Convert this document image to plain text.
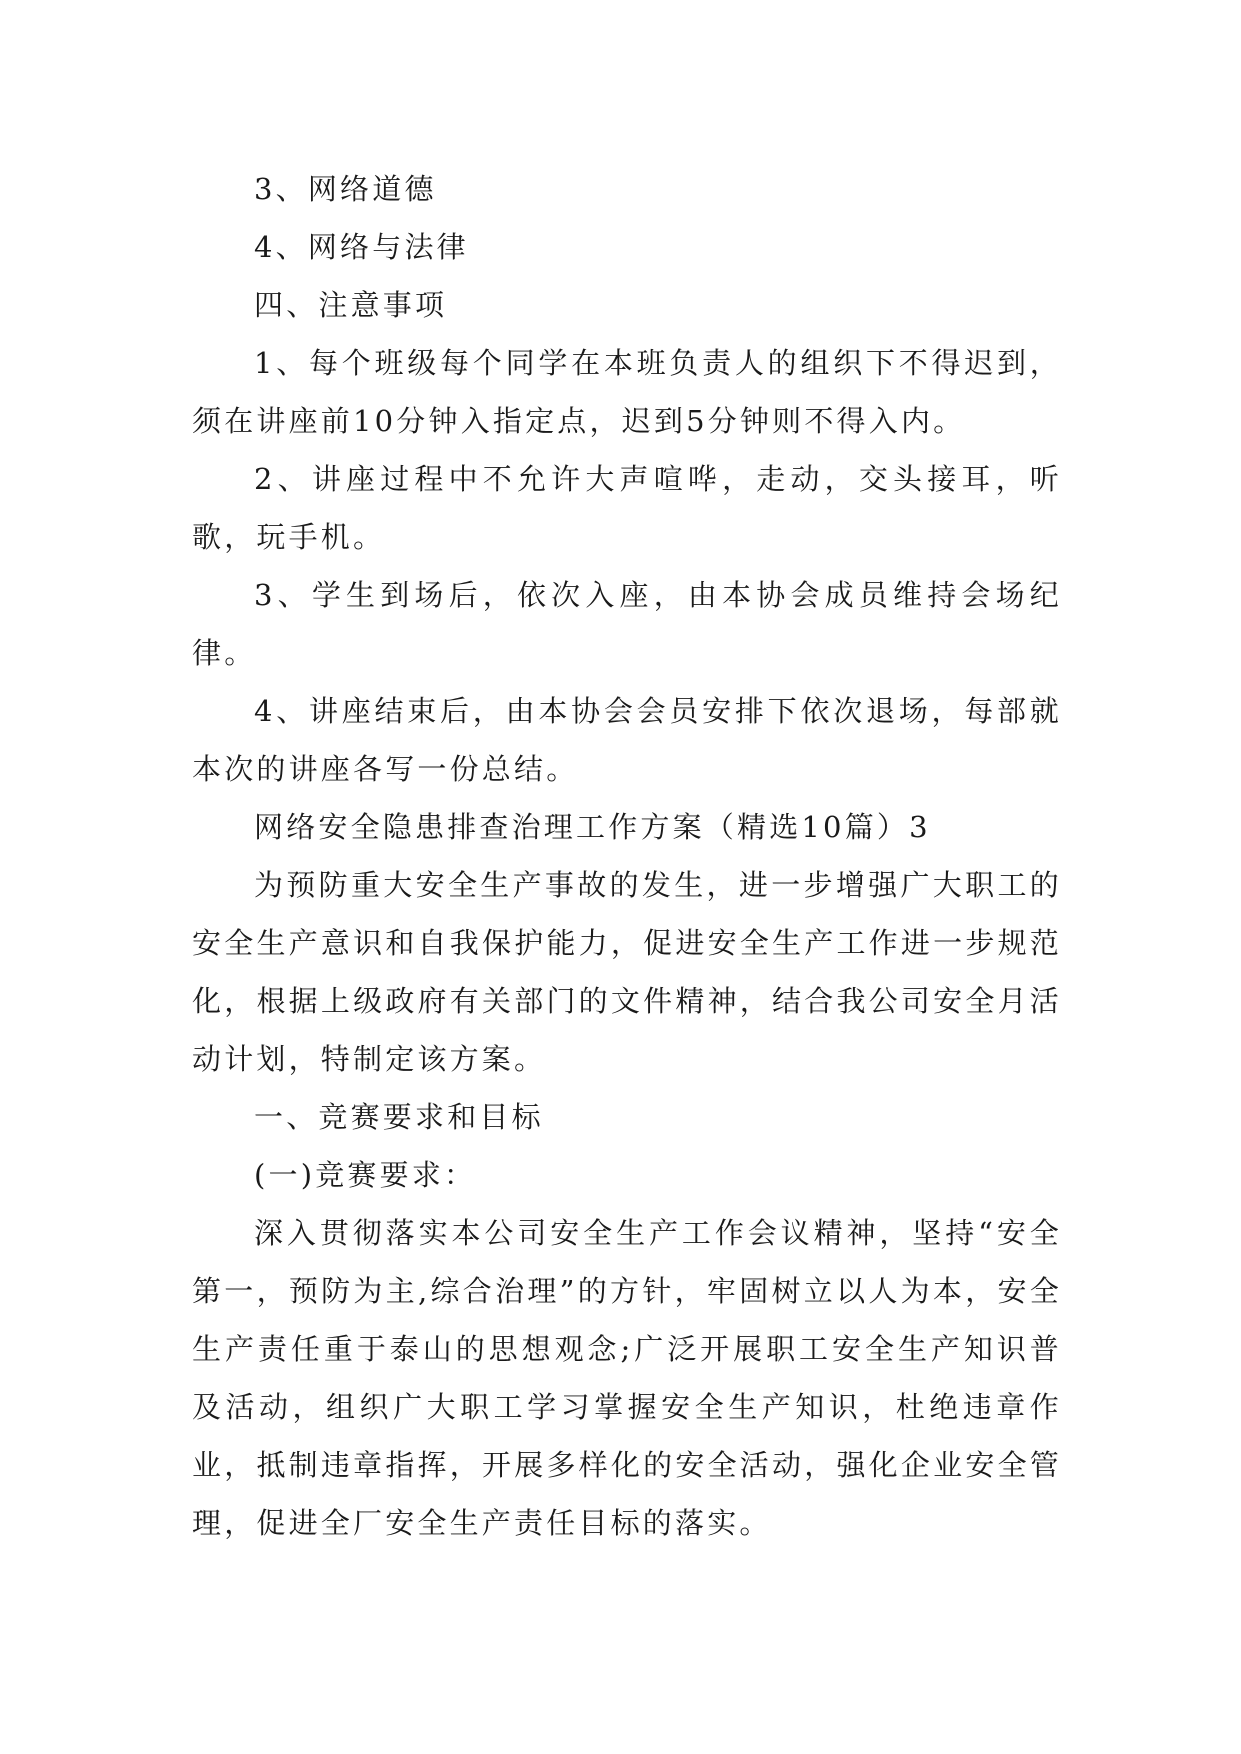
3、网络道德

4、网络与法律

四、注意事项

1、每个班级每个同学在本班负责人的组织下不得迟到，须在讲座前10分钟入指定点，迟到5分钟则不得入内。

2、讲座过程中不允许大声喧哗，走动，交头接耳，听歌，玩手机。

3、学生到场后，依次入座，由本协会成员维持会场纪律。

4、讲座结束后，由本协会会员安排下依次退场，每部就本次的讲座各写一份总结。

网络安全隐患排查治理工作方案（精选10篇）3

为预防重大安全生产事故的发生，进一步增强广大职工的安全生产意识和自我保护能力，促进安全生产工作进一步规范化，根据上级政府有关部门的文件精神，结合我公司安全月活动计划，特制定该方案。

一、竞赛要求和目标

(一)竞赛要求：

深入贯彻落实本公司安全生产工作会议精神，坚持“安全第一，预防为主,综合治理”的方针，牢固树立以人为本，安全生产责任重于泰山的思想观念;广泛开展职工安全生产知识普及活动，组织广大职工学习掌握安全生产知识，杜绝违章作业，抵制违章指挥，开展多样化的安全活动，强化企业安全管理，促进全厂安全生产责任目标的落实。
